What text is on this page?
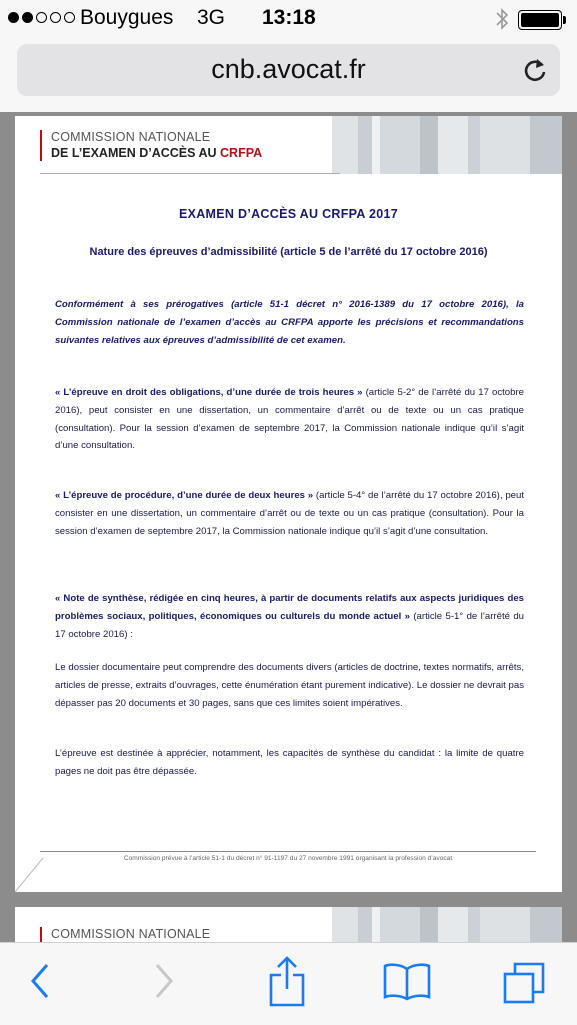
Bouygues 3G 13:18
cnb.avocat.fr
COMMISSION NATIONALE
DE L’EXAMEN D’ACCÈS AU CRFPA
EXAMEN D’ACCÈS AU CRFPA 2017
Nature des épreuves d’admissibilité (article 5 de l’arrêté du 17 octobre 2016)
Conformément à ses prérogatives (article 51-1 décret n° 2016-1389 du 17 octobre 2016), la Commission nationale de l’examen d’accès au CRFPA apporte les précisions et recommandations suivantes relatives aux épreuves d’admissibilité de cet examen.
« L’épreuve en droit des obligations, d’une durée de trois heures » (article 5-2° de l’arrêté du 17 octobre 2016), peut consister en une dissertation, un commentaire d’arrêt ou de texte ou un cas pratique (consultation). Pour la session d’examen de septembre 2017, la Commission nationale indique qu’il s’agit d’une consultation.
« L’épreuve de procédure, d’une durée de deux heures » (article 5-4° de l’arrêté du 17 octobre 2016), peut consister en une dissertation, un commentaire d’arrêt ou de texte ou un cas pratique (consultation). Pour la session d’examen de septembre 2017, la Commission nationale indique qu’il s’agit d’une consultation.
« Note de synthèse, rédigée en cinq heures, à partir de documents relatifs aux aspects juridiques des problèmes sociaux, politiques, économiques ou culturels du monde actuel » (article 5-1° de l’arrêté du 17 octobre 2016) :
Le dossier documentaire peut comprendre des documents divers (articles de doctrine, textes normatifs, arrêts, articles de presse, extraits d’ouvrages, cette énumération étant purement indicative). Le dossier ne devrait pas dépasser pas 20 documents et 30 pages, sans que ces limites soient impératives.
L’épreuve est destinée à apprécier, notamment, les capacités de synthèse du candidat : la limite de quatre pages ne doit pas être dépassée.
Commission prévue à l’article 51-1 du décret n° 91-1197 du 27 novembre 1991 organisant la profession d’avocat
COMMISSION NATIONALE
